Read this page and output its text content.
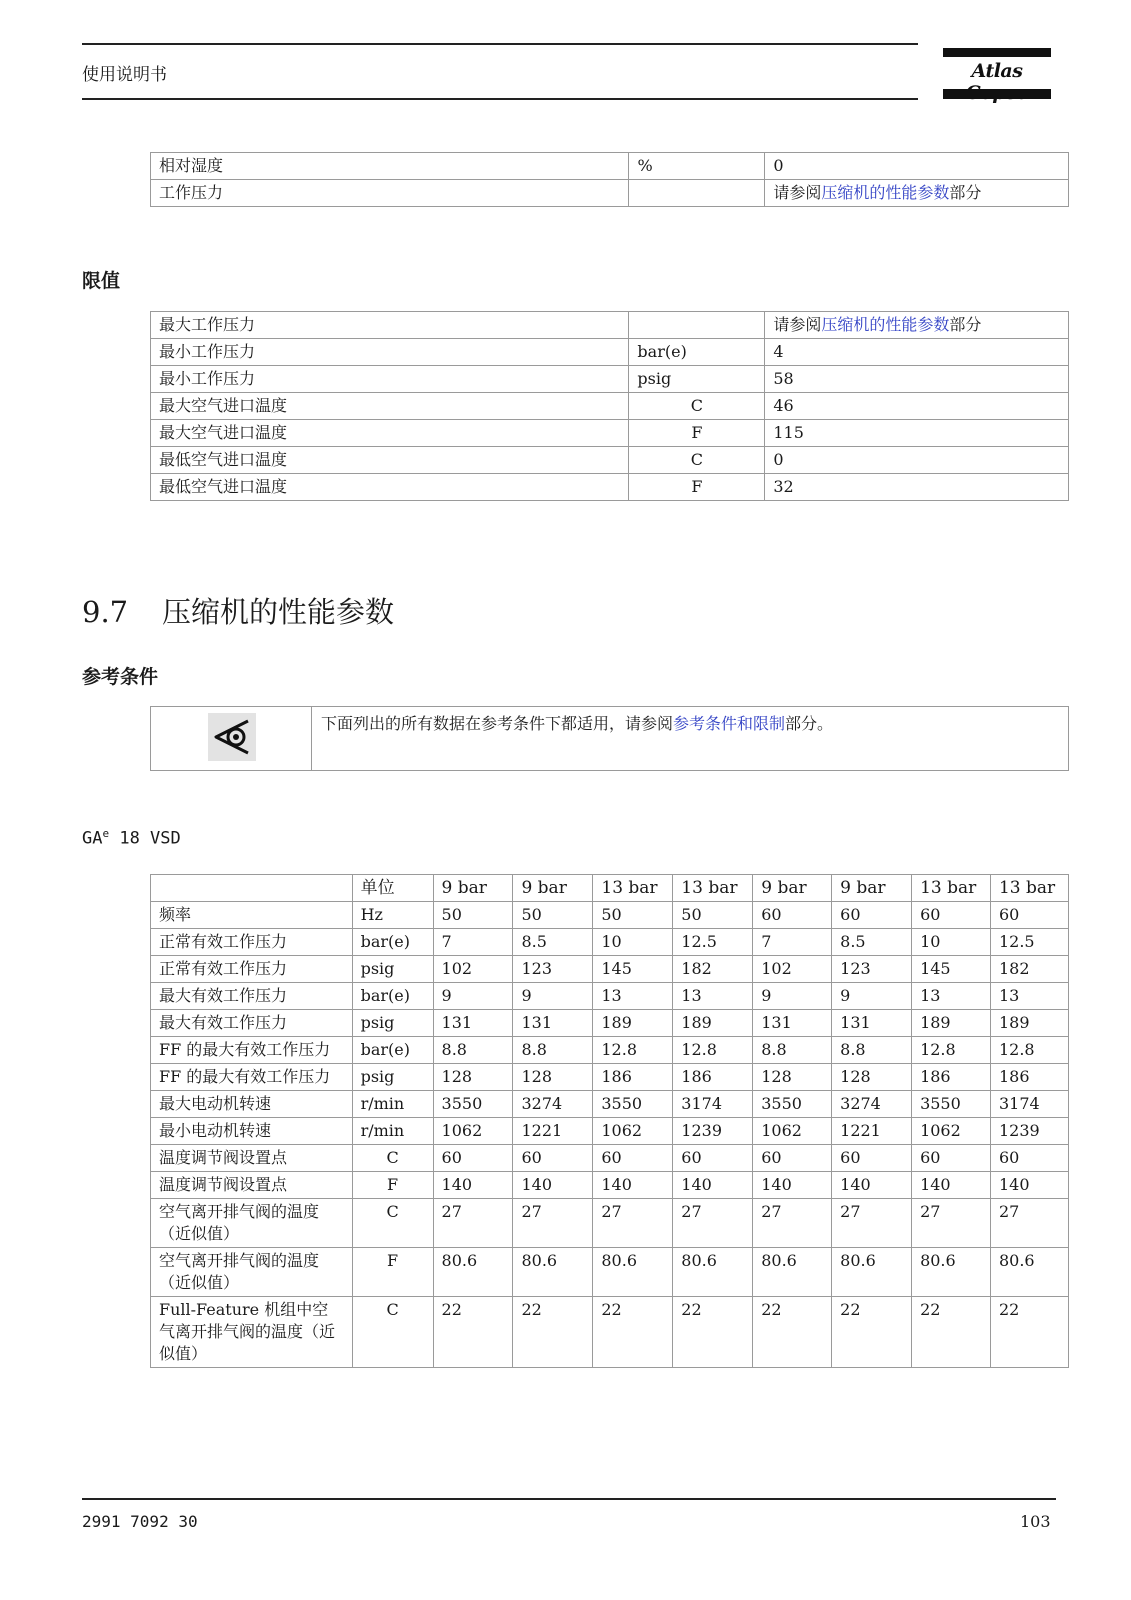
使用说明书	Atlas
相对湿度	%	0
工作压力		请参阅压缩机的性能参数部分
限值
最大工作压力		请参阅压缩机的性能参数部分
最小工作压力	bar(e)	4
最小工作压力	psig	58
最大空气进口温度	C	46
最大空气进口温度	F	115
最低空气进口温度	C	0
最低空气进口温度	F	32
9.7 压缩机的性能参数
参考条件
下面列出的所有数据在参考条件下都适用，请参阅参考条件和限制部分。
$GA^e$ 18 VSD
	单位	9 bar	9 bar	13 bar	13 bar	9 bar	9 bar	13 bar	13 bar
频率	Hz	50	50	50	50	60	60	60	60
正常有效工作压力	bar(e)	7	8.5	10	12.5	7	8.5	10	12.5
正常有效工作压力	psig	102	123	145	182	102	123	145	182
最大有效工作压力	bar(e)	9	9	13	13	9	9	13	13
最大有效工作压力	psig	131	131	189	189	131	131	189	189
FF 的最大有效工作压力	bar(e)	8.8	8.8	12.8	12.8	8.8	8.8	12.8	12.8
FF 的最大有效工作压力	psig	128	128	186	186	128	128	186	186
最大电动机转速	r/min	3550	3274	3550	3174	3550	3274	3550	3174
最小电动机转速	r/min	1062	1221	1062	1239	1062	1221	1062	1239
温度调节阀设置点	C	60	60	60	60	60	60	60	60
温度调节阀设置点	F	140	140	140	140	140	140	140	140
空气离开排气阀的温度（近似值）	C	27	27	27	27	27	27	27	27
空气离开排气阀的温度（近似值）	F	80.6	80.6	80.6	80.6	80.6	80.6	80.6	80.6
Full-Feature 机组中空气离开排气阀的温度（近似值）	C	22	22	22	22	22	22	22	22
2991 7092 30	103
